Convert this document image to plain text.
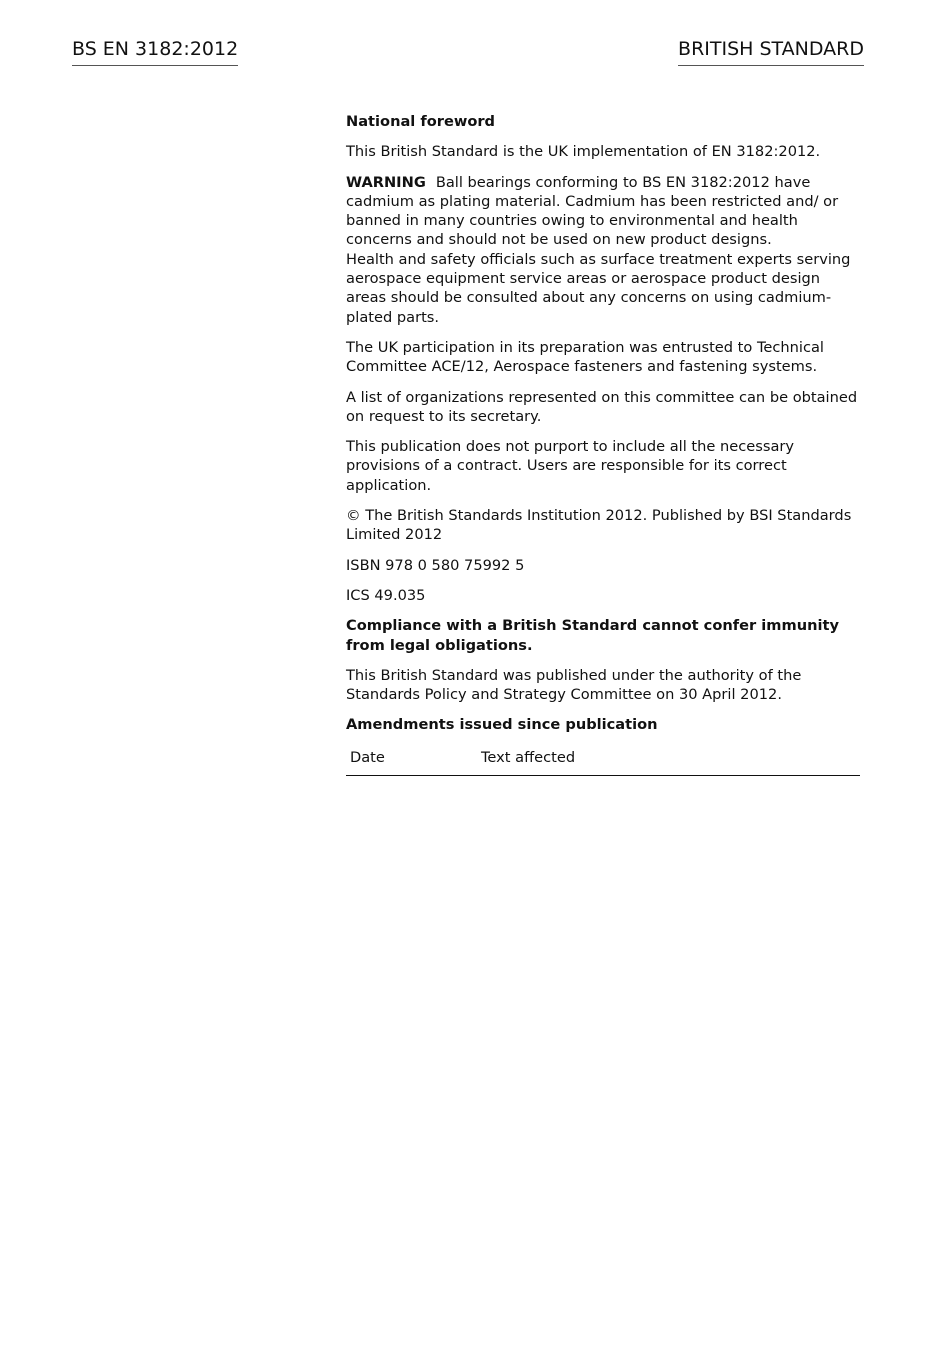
BS EN 3182:2012	BRITISH STANDARD

National foreword

This British Standard is the UK implementation of EN 3182:2012.

WARNING Ball bearings conforming to BS EN 3182:2012 have cadmium as plating material. Cadmium has been restricted and/ or banned in many countries owing to environmental and health concerns and should not be used on new product designs.
Health and safety officials such as surface treatment experts serving aerospace equipment service areas or aerospace product design areas should be consulted about any concerns on using cadmium-plated parts.

The UK participation in its preparation was entrusted to Technical Committee ACE/12, Aerospace fasteners and fastening systems.

A list of organizations represented on this committee can be obtained on request to its secretary.

This publication does not purport to include all the necessary provisions of a contract. Users are responsible for its correct application.

© The British Standards Institution 2012. Published by BSI Standards Limited 2012

ISBN 978 0 580 75992 5

ICS 49.035

Compliance with a British Standard cannot confer immunity from legal obligations.

This British Standard was published under the authority of the Standards Policy and Strategy Committee on 30 April 2012.

Amendments issued since publication

Date	Text affected
